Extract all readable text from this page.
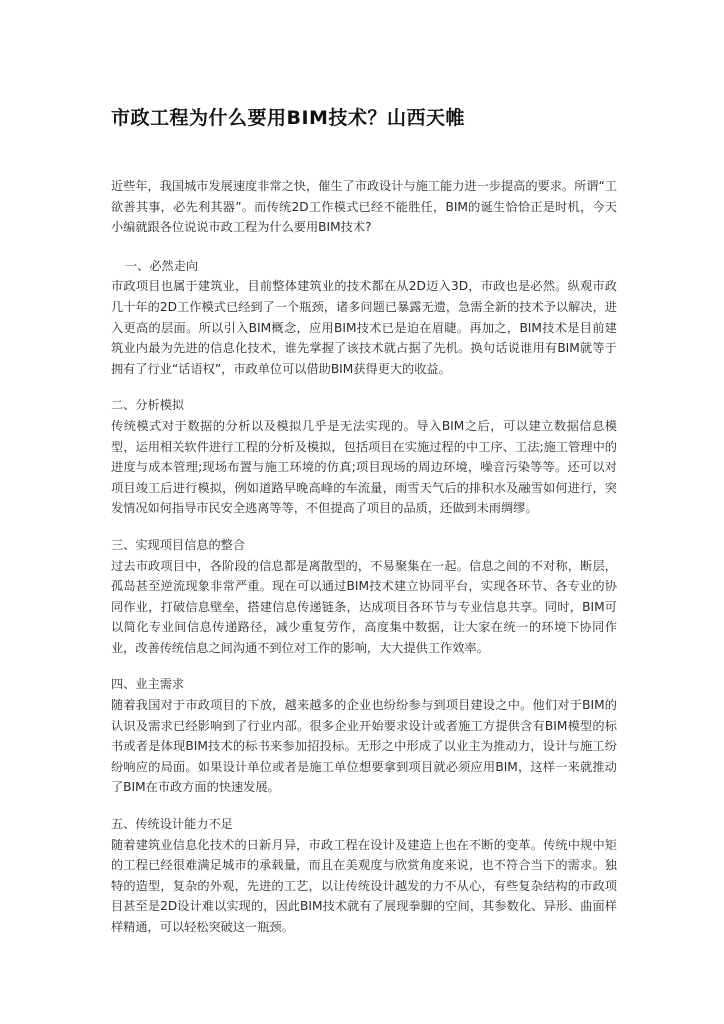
市政工程为什么要用BIM技术？山西天帷

近些年，我国城市发展速度非常之快，催生了市政设计与施工能力进一步提高的要求。所谓“工欲善其事，必先利其器”。而传统2D工作模式已经不能胜任，BIM的诞生恰恰正是时机，今天小编就跟各位说说市政工程为什么要用BIM技术?

一、必然走向

市政项目也属于建筑业，目前整体建筑业的技术都在从2D迈入3D，市政也是必然。纵观市政几十年的2D工作模式已经到了一个瓶颈，诸多问题已暴露无遗，急需全新的技术予以解决，进入更高的层面。所以引入BIM概念，应用BIM技术已是迫在眉睫。再加之，BIM技术是目前建筑业内最为先进的信息化技术，谁先掌握了该技术就占据了先机。换句话说谁用有BIM就等于拥有了行业“话语权”，市政单位可以借助BIM获得更大的收益。

二、分析模拟

传统模式对于数据的分析以及模拟几乎是无法实现的。导入BIM之后，可以建立数据信息模型，运用相关软件进行工程的分析及模拟，包括项目在实施过程的中工序、工法;施工管理中的进度与成本管理;现场布置与施工环境的仿真;项目现场的周边环境，噪音污染等等。还可以对项目竣工后进行模拟，例如道路早晚高峰的车流量，雨雪天气后的排积水及融雪如何进行，突发情况如何指导市民安全逃离等等，不但提高了项目的品质，还做到未雨绸缪。

三、实现项目信息的整合

过去市政项目中，各阶段的信息都是离散型的，不易聚集在一起。信息之间的不对称，断层，孤岛甚至逆流现象非常严重。现在可以通过BIM技术建立协同平台，实现各环节、各专业的协同作业，打破信息壁垒，搭建信息传递链条，达成项目各环节与专业信息共享。同时，BIM可以简化专业间信息传递路径，减少重复劳作，高度集中数据，让大家在统一的环境下协同作业，改善传统信息之间沟通不到位对工作的影响，大大提供工作效率。

四、业主需求

随着我国对于市政项目的下放，越来越多的企业也纷纷参与到项目建设之中。他们对于BIM的认识及需求已经影响到了行业内部。很多企业开始要求设计或者施工方提供含有BIM模型的标书或者是体现BIM技术的标书来参加招投标。无形之中形成了以业主为推动力，设计与施工纷纷响应的局面。如果设计单位或者是施工单位想要拿到项目就必须应用BIM，这样一来就推动了BIM在市政方面的快速发展。

五、传统设计能力不足

随着建筑业信息化技术的日新月异，市政工程在设计及建造上也在不断的变革。传统中规中矩的工程已经很难满足城市的承载量，而且在美观度与欣赏角度来说，也不符合当下的需求。独特的造型，复杂的外观，先进的工艺，以让传统设计越发的力不从心，有些复杂结构的市政项目甚至是2D设计难以实现的，因此BIM技术就有了展现拳脚的空间，其参数化、异形、曲面样样精通，可以轻松突破这一瓶颈。
